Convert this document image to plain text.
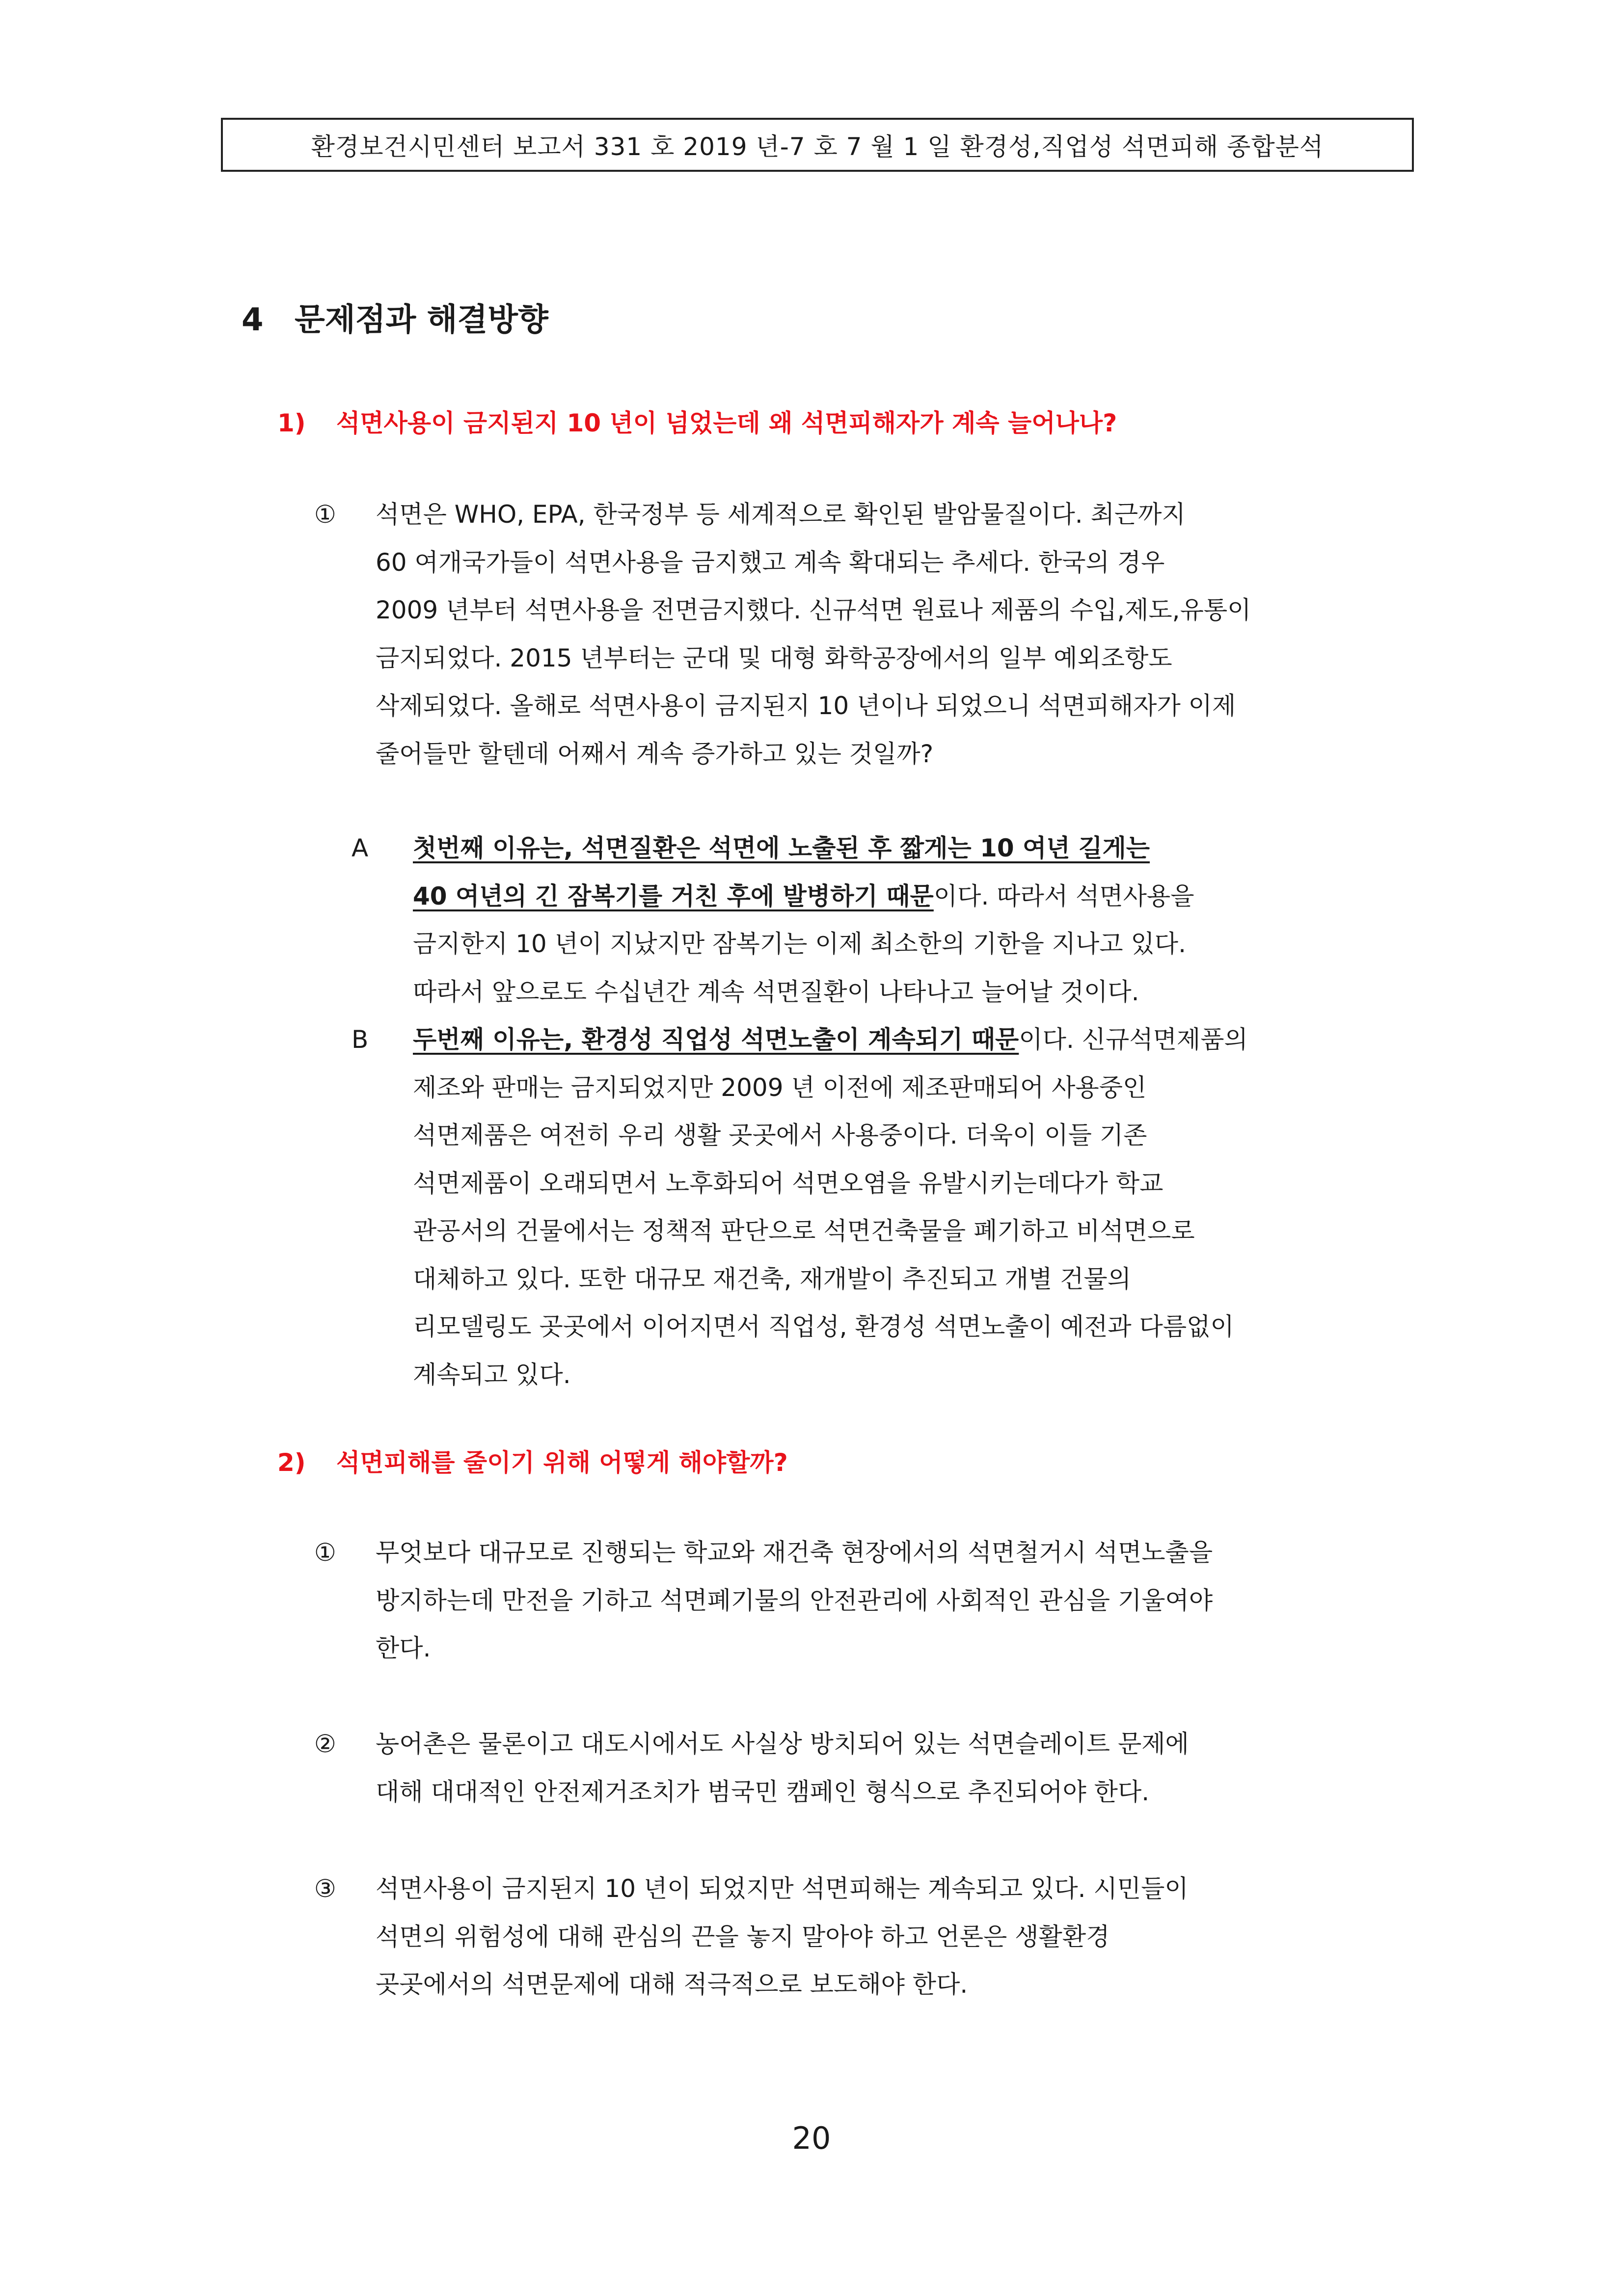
환경보건시민센터 보고서 331 호 2019 년-7 호 7 월 1 일 환경성,직업성 석면피해 종합분석
4 문제점과 해결방향
1) 석면사용이 금지된지 10 년이 넘었는데 왜 석면피해자가 계속 늘어나나?
① 석면은 WHO, EPA, 한국정부 등 세계적으로 확인된 발암물질이다. 최근까지
60 여개국가들이 석면사용을 금지했고 계속 확대되는 추세다. 한국의 경우
2009 년부터 석면사용을 전면금지했다. 신규석면 원료나 제품의 수입,제도,유통이
금지되었다. 2015 년부터는 군대 및 대형 화학공장에서의 일부 예외조항도
삭제되었다. 올해로 석면사용이 금지된지 10 년이나 되었으니 석면피해자가 이제
줄어들만 할텐데 어째서 계속 증가하고 있는 것일까?
A 첫번째 이유는, 석면질환은 석면에 노출된 후 짧게는 10 여년 길게는
40 여년의 긴 잠복기를 거친 후에 발병하기 때문이다. 따라서 석면사용을
금지한지 10 년이 지났지만 잠복기는 이제 최소한의 기한을 지나고 있다.
따라서 앞으로도 수십년간 계속 석면질환이 나타나고 늘어날 것이다.
B 두번째 이유는, 환경성 직업성 석면노출이 계속되기 때문이다. 신규석면제품의
제조와 판매는 금지되었지만 2009 년 이전에 제조판매되어 사용중인
석면제품은 여전히 우리 생활 곳곳에서 사용중이다. 더욱이 이들 기존
석면제품이 오래되면서 노후화되어 석면오염을 유발시키는데다가 학교
관공서의 건물에서는 정책적 판단으로 석면건축물을 폐기하고 비석면으로
대체하고 있다. 또한 대규모 재건축, 재개발이 추진되고 개별 건물의
리모델링도 곳곳에서 이어지면서 직업성, 환경성 석면노출이 예전과 다름없이
계속되고 있다.
2) 석면피해를 줄이기 위해 어떻게 해야할까?
① 무엇보다 대규모로 진행되는 학교와 재건축 현장에서의 석면철거시 석면노출을
방지하는데 만전을 기하고 석면폐기물의 안전관리에 사회적인 관심을 기울여야
한다.
② 농어촌은 물론이고 대도시에서도 사실상 방치되어 있는 석면슬레이트 문제에
대해 대대적인 안전제거조치가 범국민 캠페인 형식으로 추진되어야 한다.
③ 석면사용이 금지된지 10 년이 되었지만 석면피해는 계속되고 있다. 시민들이
석면의 위험성에 대해 관심의 끈을 놓지 말아야 하고 언론은 생활환경
곳곳에서의 석면문제에 대해 적극적으로 보도해야 한다.
20
